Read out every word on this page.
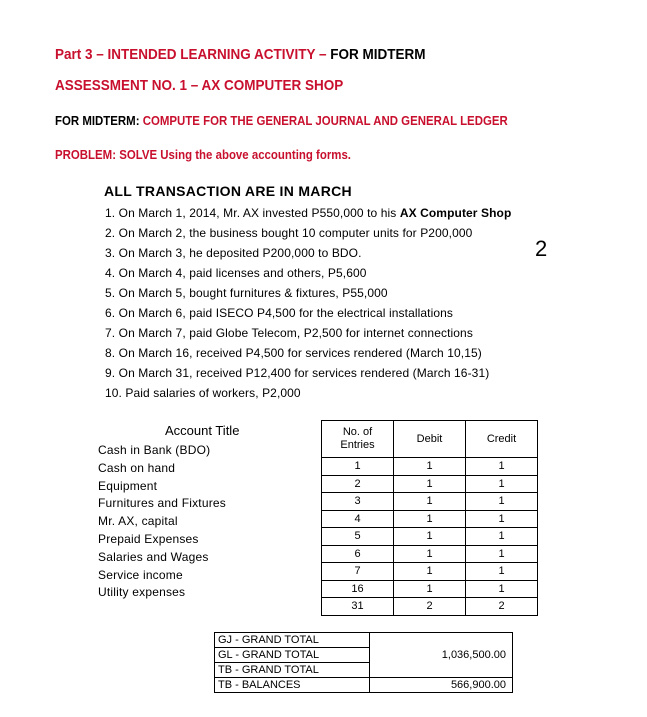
Part 3 – INTENDED LEARNING ACTIVITY – FOR MIDTERM
ASSESSMENT NO. 1 – AX COMPUTER SHOP
FOR MIDTERM: COMPUTE FOR THE GENERAL JOURNAL AND GENERAL LEDGER
PROBLEM: SOLVE Using the above accounting forms.
ALL TRANSACTION ARE IN MARCH
1. On March 1, 2014, Mr. AX invested P550,000 to his AX Computer Shop
2. On March 2, the business bought 10 computer units for P200,000
3. On March 3, he deposited P200,000 to BDO.
4. On March 4, paid licenses and others, P5,600
5. On March 5, bought furnitures & fixtures, P55,000
6. On March 6, paid ISECO P4,500 for the electrical installations
7. On March 7, paid Globe Telecom, P2,500 for internet connections
8. On March 16, received P4,500 for services rendered (March 10,15)
9. On March 31, received P12,400 for services rendered (March 16-31)
10. Paid salaries of workers, P2,000
2
Account Title
Cash in Bank (BDO)
Cash on hand
Equipment
Furnitures and Fixtures
Mr. AX, capital
Prepaid Expenses
Salaries and Wages
Service income
Utility expenses
No. of Entries	Debit	Credit
1	1	1
2	1	1
3	1	1
4	1	1
5	1	1
6	1	1
7	1	1
16	1	1
31	2	2
GJ - GRAND TOTAL	1,036,500.00
GL - GRAND TOTAL	
TB - GRAND TOTAL	
TB - BALANCES	566,900.00
